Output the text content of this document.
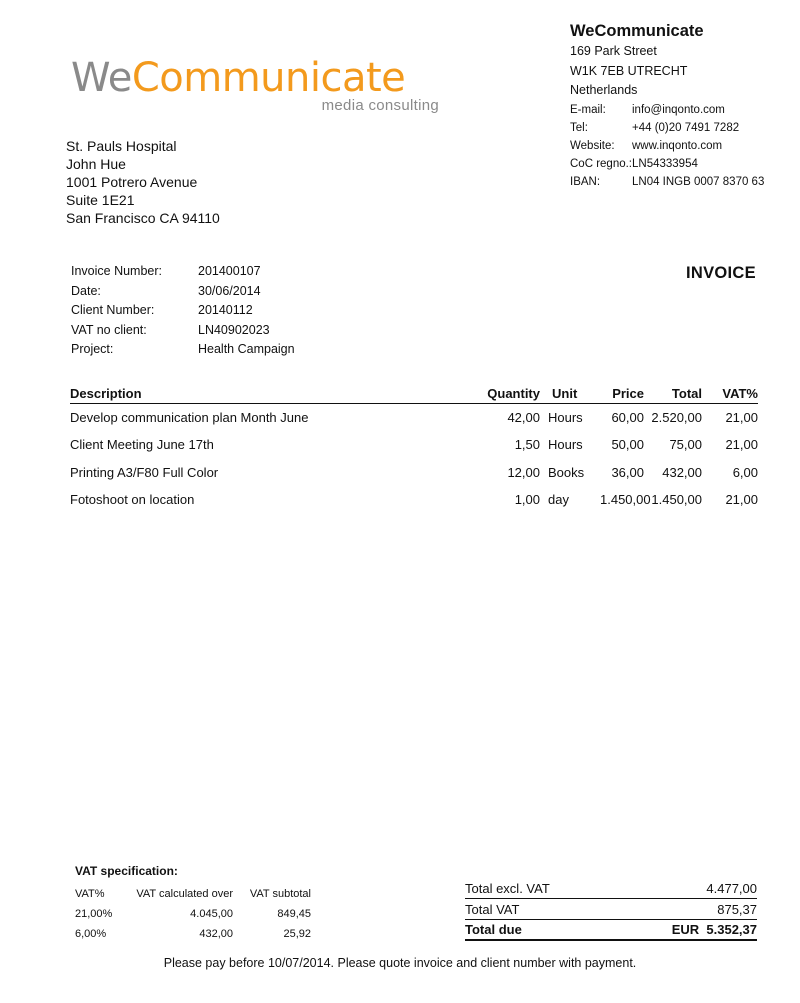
WeCommunicate
media consulting
WeCommunicate
169 Park Street
W1K 7EB UTRECHT
Netherlands
E-mail:	info@inqonto.com
Tel:	+44 (0)20 7491 7282
Website:	www.inqonto.com
CoC regno.: LN54333954
IBAN:	LN04 INGB 0007 8370 63
St. Pauls Hospital
John Hue
1001 Potrero Avenue
Suite 1E21
San Francisco CA 94110
Invoice Number:	201400107
Date:	30/06/2014
Client Number:	20140112
VAT no client:	LN40902023
Project:	Health Campaign
INVOICE
Description	Quantity Unit	Price	Total	VAT%
Develop communication plan Month June	42,00 Hours	60,00 2.520,00	21,00
Client Meeting June 17th	1,50 Hours	50,00	75,00	21,00
Printing A3/F80 Full Color	12,00 Books	36,00	432,00	6,00
Fotoshoot on location	1,00 day	1.450,00 1.450,00	21,00
VAT specification:
VAT%	VAT calculated over	VAT subtotal
21,00%	4.045,00	849,45
6,00%	432,00	25,92
Total excl. VAT	4.477,00
Total VAT	875,37
Total due	EUR  5.352,37
Please pay before 10/07/2014. Please quote invoice and client number with payment.
